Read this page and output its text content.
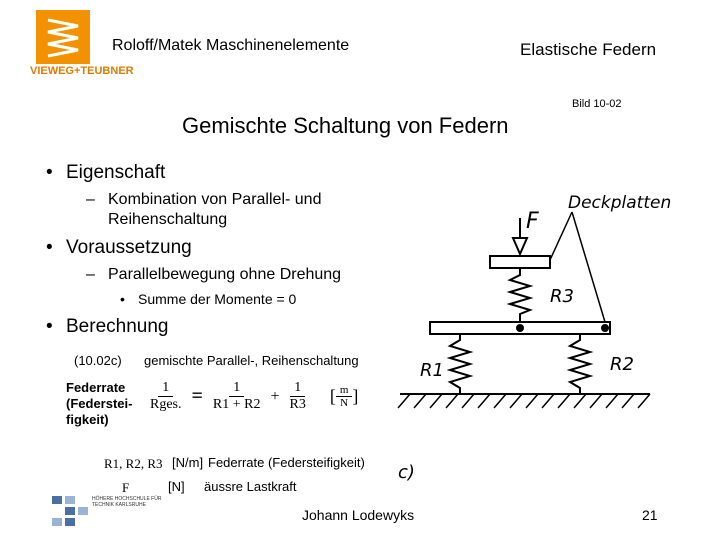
VIEWEG+TEUBNER
Roloff/Matek Maschinenelemente	Elastische Federn
Bild 10-02
Gemischte Schaltung von Federn
• Eigenschaft
– Kombination von Parallel- und
Reihenschaltung
• Voraussetzung
– Parallelbewegung ohne Drehung
• Summe der Momente = 0
• Berechnung
(10.02c) gemischte Parallel-, Reihenschaltung
Federrate
(Federstei-
figkeit)
$\frac{1}{\text{Rges.}} = \frac{1}{R1 + R2} + \frac{1}{R3}$ [ $\frac{m}{N}$ ]
R1, R2, R3 [N/m] Federrate (Federsteifigkeit)
F	[N] äussre Lastkraft
F
Deckplatten
R3
R1	R2
c)
HÖHERE HOCHSCHULE FÜR TECHNIK KARLSRUHE
Johann Lodewyks	21
